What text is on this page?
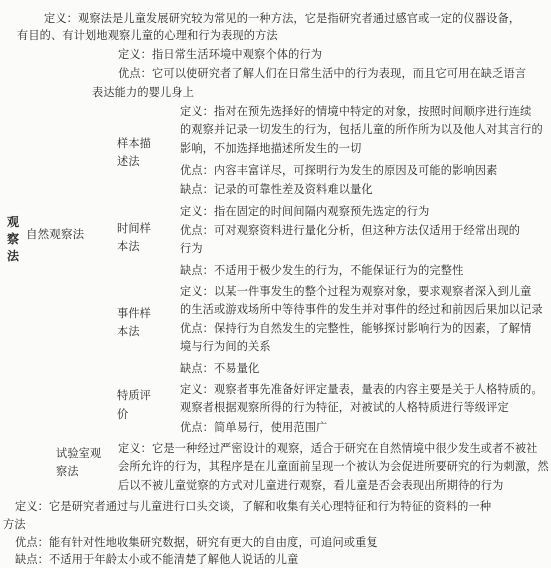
观察法
定义：观察法是儿童发展研究较为常见的一种方法，它是指研究者通过感官或一定的仪器设备，
有目的、有计划地观察儿童的心理和行为表现的方法
自然观察法
定义：指日常生活环境中观察个体的行为
优点：它可以使研究者了解人们在日常生活中的行为表现，而且它可用在缺乏语言
表达能力的婴儿身上
样本描
述法
定义：指对在预先选择好的情境中特定的对象，按照时间顺序进行连续
的观察并记录一切发生的行为，包括儿童的所作所为以及他人对其言行的
影响，不加选择地描述所发生的一切
优点：内容丰富详尽，可探明行为发生的原因及可能的影响因素
缺点：记录的可靠性差及资料难以量化
时间样
本法
定义：指在固定的时间间隔内观察预先选定的行为
优点：可对观察资料进行量化分析，但这种方法仅适用于经常出现的
行为
缺点：不适用于极少发生的行为，不能保证行为的完整性
事件样
本法
定义：以某一件事发生的整个过程为观察对象，要求观察者深入到儿童
的生活或游戏场所中等待事件的发生并对事件的经过和前因后果加以记录
优点：保持行为自然发生的完整性，能够探讨影响行为的因素，了解情
境与行为间的关系
缺点：不易量化
特质评
价
定义：观察者事先准备好评定量表，量表的内容主要是关于人格特质的。
观察者根据观察所得的行为特征，对被试的人格特质进行等级评定
优点：简单易行，使用范围广
试验室观
察法
定义：它是一种经过严密设计的观察，适合于研究在自然情境中很少发生或者不被社
会所允许的行为，其程序是在儿童面前呈现一个被认为会促进所要研究的行为刺激，然
后以不被儿童觉察的方式对儿童进行观察，看儿童是否会表现出所期待的行为
定义：它是研究者通过与儿童进行口头交谈，了解和收集有关心理特征和行为特征的资料的一种
方法
优点：能有针对性地收集研究数据，研究有更大的自由度，可追问或重复
缺点：不适用于年龄太小或不能清楚了解他人说话的儿童
